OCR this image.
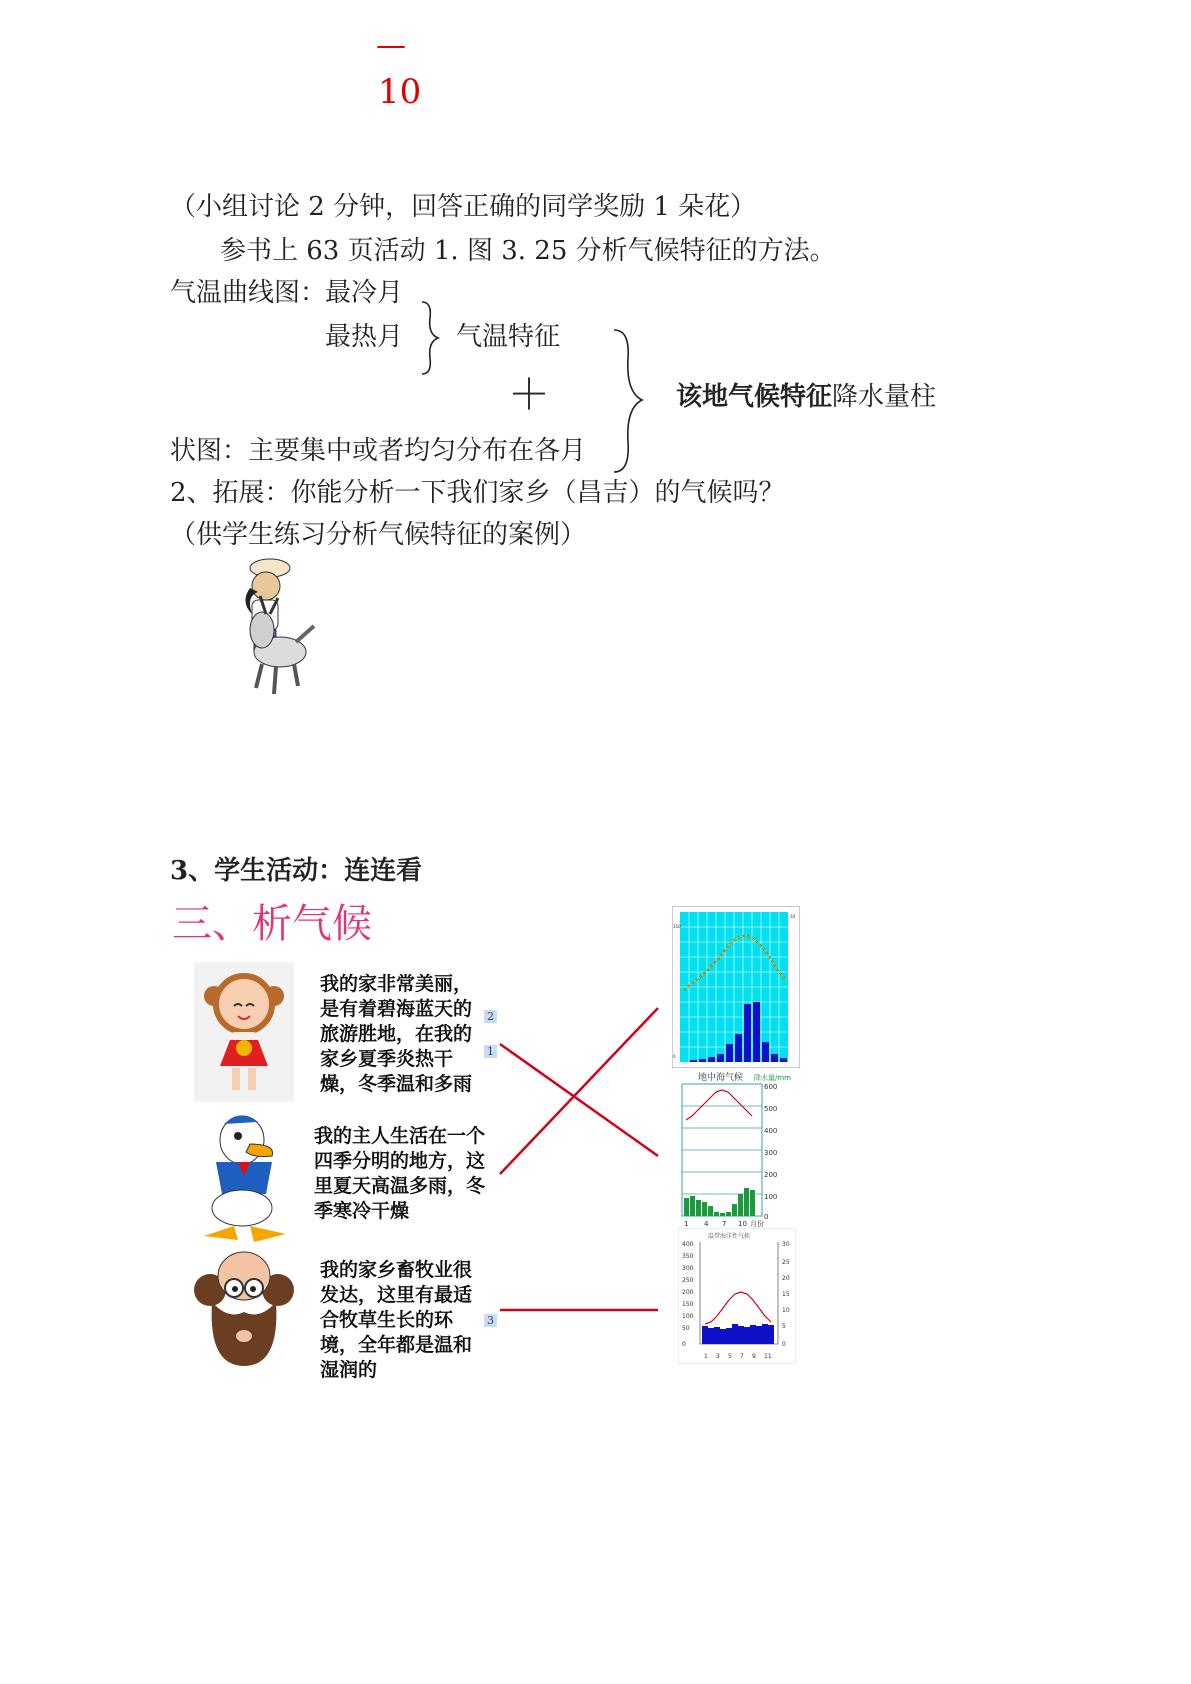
—
10
（小组讨论 2 分钟，回答正确的同学奖励 1 朵花）
参书上 63 页活动 1. 图 3. 25 分析气候特征的方法。
气温曲线图：
最冷月
最热月 气温特征
＋	该地气候特征降水量柱
状图：主要集中或者均匀分布在各月
2、拓展：你能分析一下我们家乡（昌吉）的气候吗？
（供学生练习分析气候特征的案例）
3、学生活动：连连看
三、析气候
我的家非常美丽，是有着碧海蓝天的旅游胜地，在我的家乡夏季炎热干燥，冬季温和多雨
2
1
我的主人生活在一个四季分明的地方，这里夏天高温多雨，冬季寒冷干燥
我的家乡畜牧业很发达，这里有最适合牧草生长的环境，全年都是温和湿润的
3
350
0
30
地中海气候 降水量/mm
600
500
400
300
200
100
0
1 4 7 10 月份
温带海洋性气候
400
350
300
250
200
150
100
50
0
30
25
20
15
10
5
0
1 3 5 7 9 11
